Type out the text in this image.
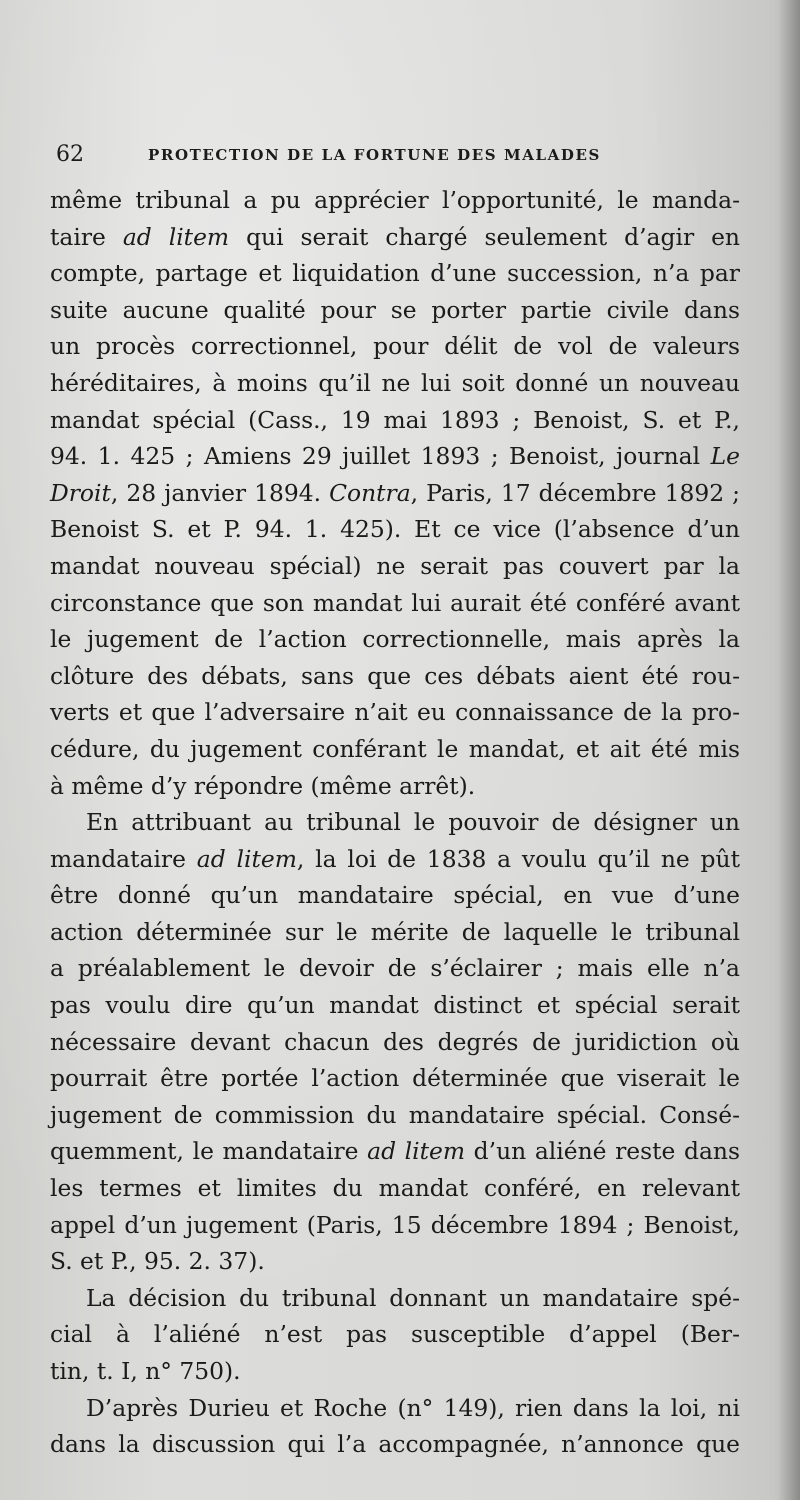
62	PROTECTION DE LA FORTUNE DES MALADES
même tribunal a pu apprécier l’opportunité, le manda-
taire ad litem qui serait chargé seulement d’agir en
compte, partage et liquidation d’une succession, n’a par
suite aucune qualité pour se porter partie civile dans
un procès correctionnel, pour délit de vol de valeurs
héréditaires, à moins qu’il ne lui soit donné un nouveau
mandat spécial (Cass., 19 mai 1893 ; Benoist, S. et P.,
94. 1. 425 ; Amiens 29 juillet 1893 ; Benoist, journal Le
Droit, 28 janvier 1894. Contra, Paris, 17 décembre 1892 ;
Benoist S. et P. 94. 1. 425). Et ce vice (l’absence d’un
mandat nouveau spécial) ne serait pas couvert par la
circonstance que son mandat lui aurait été conféré avant
le jugement de l’action correctionnelle, mais après la
clôture des débats, sans que ces débats aient été rou-
verts et que l’adversaire n’ait eu connaissance de la pro-
cédure, du jugement conférant le mandat, et ait été mis
à même d’y répondre (même arrêt).
En attribuant au tribunal le pouvoir de désigner un
mandataire ad litem, la loi de 1838 a voulu qu’il ne pût
être donné qu’un mandataire spécial, en vue d’une
action déterminée sur le mérite de laquelle le tribunal
a préalablement le devoir de s’éclairer ; mais elle n’a
pas voulu dire qu’un mandat distinct et spécial serait
nécessaire devant chacun des degrés de juridiction où
pourrait être portée l’action déterminée que viserait le
jugement de commission du mandataire spécial. Consé-
quemment, le mandataire ad litem d’un aliéné reste dans
les termes et limites du mandat conféré, en relevant
appel d’un jugement (Paris, 15 décembre 1894 ; Benoist,
S. et P., 95. 2. 37).
La décision du tribunal donnant un mandataire spé-
cial à l’aliéné n’est pas susceptible d’appel (Ber-
tin, t. I, n° 750).
D’après Durieu et Roche (n° 149), rien dans la loi, ni
dans la discussion qui l’a accompagnée, n’annonce que
